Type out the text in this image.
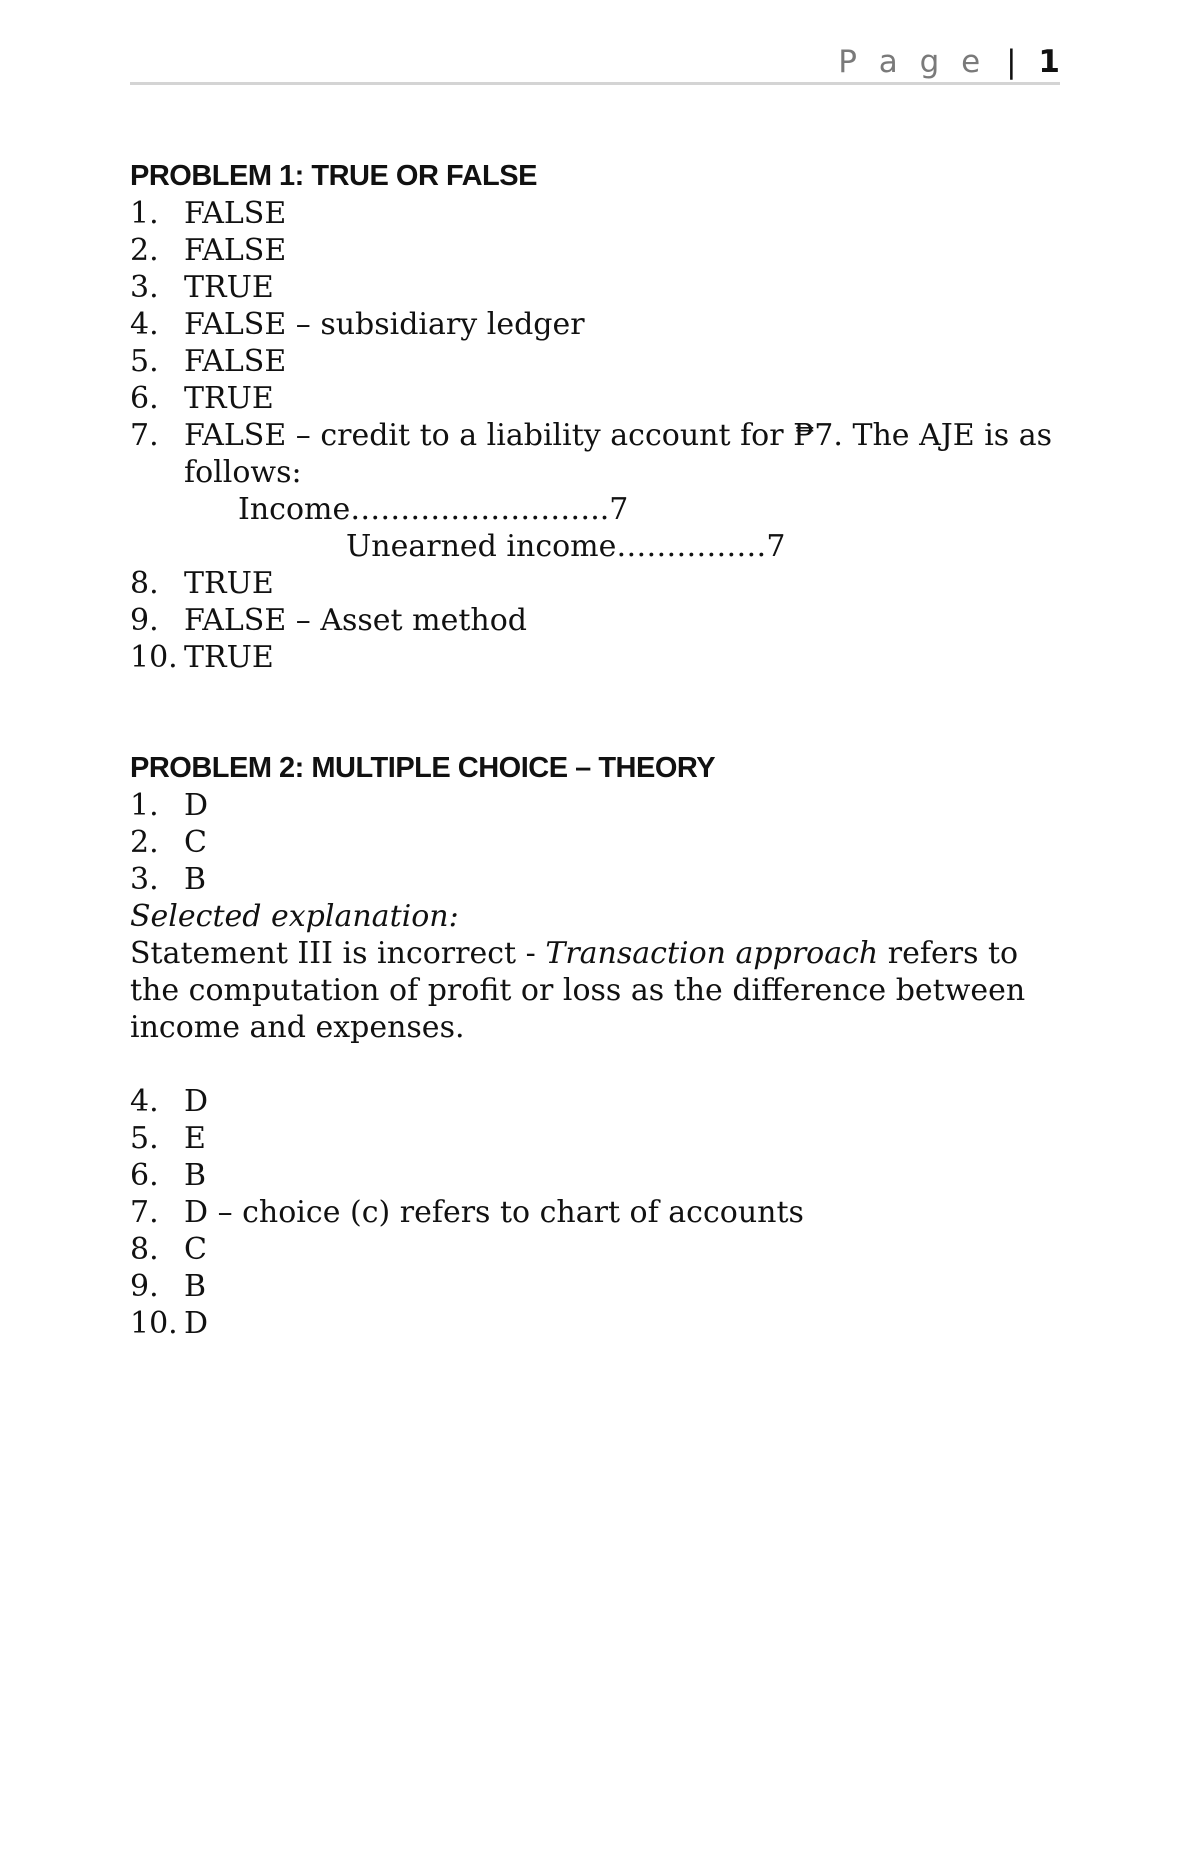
P a g e | 1
PROBLEM 1: TRUE OR FALSE
1. FALSE
2. FALSE
3. TRUE
4. FALSE – subsidiary ledger
5. FALSE
6. TRUE
7. FALSE – credit to a liability account for ₱7. The AJE is as follows:
Income……………………..7
Unearned income……………7
8. TRUE
9. FALSE – Asset method
10. TRUE
PROBLEM 2: MULTIPLE CHOICE – THEORY
1. D
2. C
3. B
Selected explanation:
Statement III is incorrect - Transaction approach refers to the computation of profit or loss as the difference between income and expenses.
4. D
5. E
6. B
7. D – choice (c) refers to chart of accounts
8. C
9. B
10. D
